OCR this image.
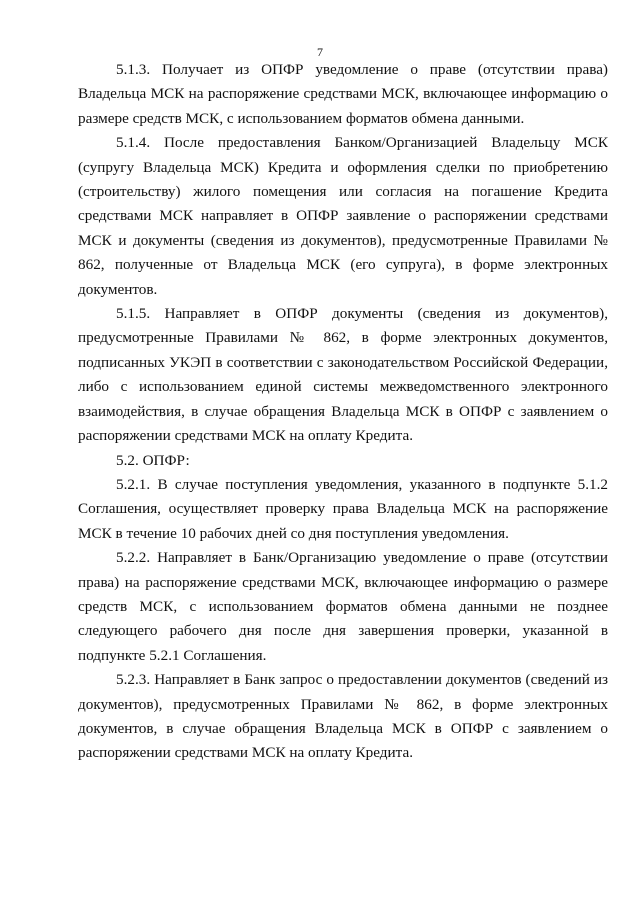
7

5.1.3. Получает из ОПФР уведомление о праве (отсутствии права) Владельца МСК на распоряжение средствами МСК, включающее информацию о размере средств МСК, с использованием форматов обмена данными.

5.1.4. После предоставления Банком/Организацией Владельцу МСК (супругу Владельца МСК) Кредита и оформления сделки по приобретению (строительству) жилого помещения или согласия на погашение Кредита средствами МСК направляет в ОПФР заявление о распоряжении средствами МСК и документы (сведения из документов), предусмотренные Правилами № 862, полученные от Владельца МСК (его супруга), в форме электронных документов.

5.1.5. Направляет в ОПФР документы (сведения из документов), предусмотренные Правилами № 862, в форме электронных документов, подписанных УКЭП в соответствии с законодательством Российской Федерации, либо с использованием единой системы межведомственного электронного взаимодействия, в случае обращения Владельца МСК в ОПФР с заявлением о распоряжении средствами МСК на оплату Кредита.

5.2. ОПФР:

5.2.1. В случае поступления уведомления, указанного в подпункте 5.1.2 Соглашения, осуществляет проверку права Владельца МСК на распоряжение МСК в течение 10 рабочих дней со дня поступления уведомления.

5.2.2. Направляет в Банк/Организацию уведомление о праве (отсутствии права) на распоряжение средствами МСК, включающее информацию о размере средств МСК, с использованием форматов обмена данными не позднее следующего рабочего дня после дня завершения проверки, указанной в подпункте 5.2.1 Соглашения.

5.2.3. Направляет в Банк запрос о предоставлении документов (сведений из документов), предусмотренных Правилами № 862, в форме электронных документов, в случае обращения Владельца МСК в ОПФР с заявлением о распоряжении средствами МСК на оплату Кредита.
